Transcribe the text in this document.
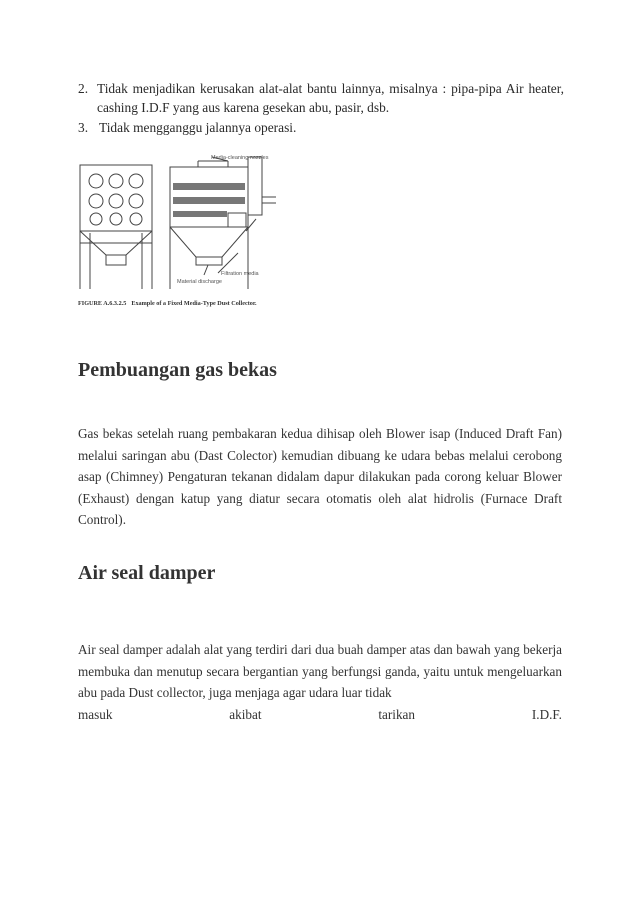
2. Tidak menjadikan kerusakan alat-alat bantu lainnya, misalnya : pipa-pipa Air heater, cashing I.D.F yang aus karena gesekan abu, pasir, dsb.
3. Tidak mengganggu jalannya operasi.
Media-cleaning nozzles
Filtration media
Material discharge
FIGURE A.6.3.2.5 Example of a Fixed Media-Type Dust Collector.
Pembuangan gas bekas

Gas bekas setelah ruang pembakaran kedua dihisap oleh Blower isap (Induced Draft Fan) melalui saringan abu (Dast Colector) kemudian dibuang ke udara bebas melalui cerobong asap (Chimney) Pengaturan tekanan didalam dapur dilakukan pada corong keluar Blower (Exhaust) dengan katup yang diatur secara otomatis oleh alat hidrolis (Furnace Draft Control).

Air seal damper
Air seal damper adalah alat yang terdiri dari dua buah damper atas dan bawah yang bekerja membuka dan menutup secara bergantian yang berfungsi ganda, yaitu untuk mengeluarkan abu pada Dust collector, juga menjaga agar udara luar tidak
masuk	akibat	tarikan	I.D.F.
